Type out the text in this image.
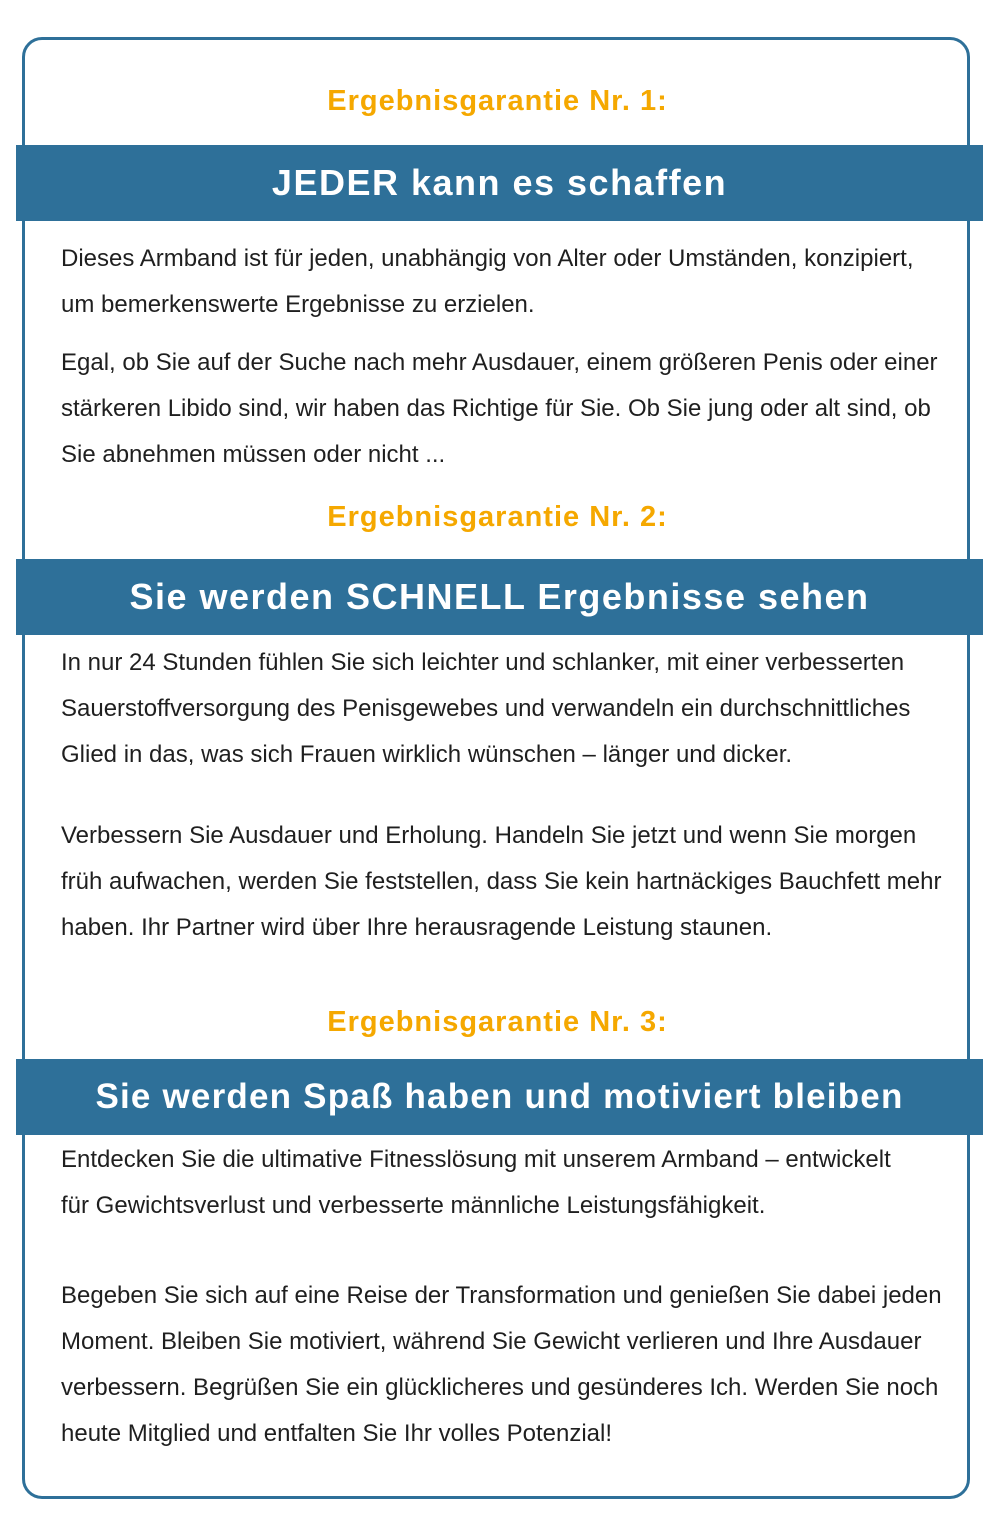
Ergebnisgarantie Nr. 1:
JEDER kann es schaffen

Dieses Armband ist für jeden, unabhängig von Alter oder Umständen, konzipiert, um bemerkenswerte Ergebnisse zu erzielen.

Egal, ob Sie auf der Suche nach mehr Ausdauer, einem größeren Penis oder einer stärkeren Libido sind, wir haben das Richtige für Sie. Ob Sie jung oder alt sind, ob Sie abnehmen müssen oder nicht ...

Ergebnisgarantie Nr. 2:
Sie werden SCHNELL Ergebnisse sehen

In nur 24 Stunden fühlen Sie sich leichter und schlanker, mit einer verbesserten Sauerstoffversorgung des Penisgewebes und verwandeln ein durchschnittliches Glied in das, was sich Frauen wirklich wünschen – länger und dicker.

Verbessern Sie Ausdauer und Erholung. Handeln Sie jetzt und wenn Sie morgen früh aufwachen, werden Sie feststellen, dass Sie kein hartnäckiges Bauchfett mehr haben. Ihr Partner wird über Ihre herausragende Leistung staunen.

Ergebnisgarantie Nr. 3:
Sie werden Spaß haben und motiviert bleiben

Entdecken Sie die ultimative Fitnesslösung mit unserem Armband – entwickelt für Gewichtsverlust und verbesserte männliche Leistungsfähigkeit.

Begeben Sie sich auf eine Reise der Transformation und genießen Sie dabei jeden Moment. Bleiben Sie motiviert, während Sie Gewicht verlieren und Ihre Ausdauer verbessern. Begrüßen Sie ein glücklicheres und gesünderes Ich. Werden Sie noch heute Mitglied und entfalten Sie Ihr volles Potenzial!
